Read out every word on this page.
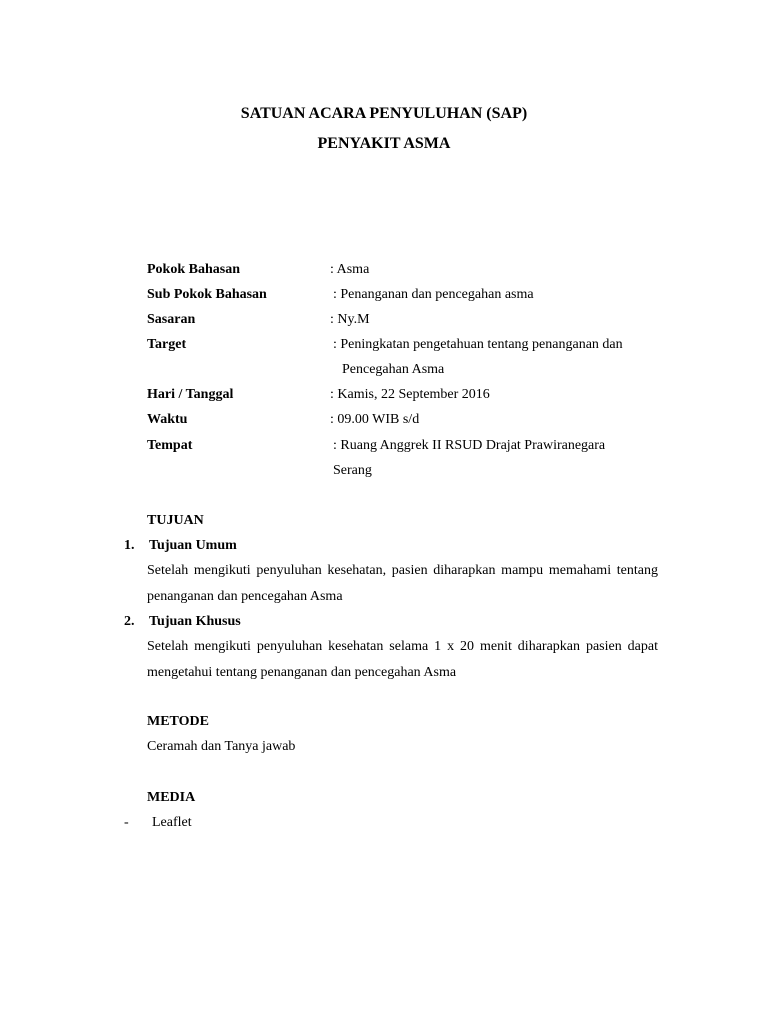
SATUAN ACARA PENYULUHAN (SAP)
PENYAKIT ASMA
Pokok Bahasan	: Asma
Sub Pokok Bahasan	: Penanganan dan pencegahan asma
Sasaran	: Ny.M
Target	: Peningkatan pengetahuan tentang penanganan dan
Pencegahan Asma
Hari / Tanggal	: Kamis, 22 September 2016
Waktu	: 09.00 WIB s/d
Tempat	: Ruang Anggrek II RSUD Drajat Prawiranegara
Serang
TUJUAN
1. Tujuan Umum
Setelah mengikuti penyuluhan kesehatan, pasien diharapkan mampu memahami tentang penanganan dan pencegahan Asma
2. Tujuan Khusus
Setelah mengikuti penyuluhan kesehatan selama 1 x 20 menit diharapkan pasien dapat mengetahui tentang penanganan dan pencegahan Asma
METODE
Ceramah dan Tanya jawab
MEDIA
- Leaflet
